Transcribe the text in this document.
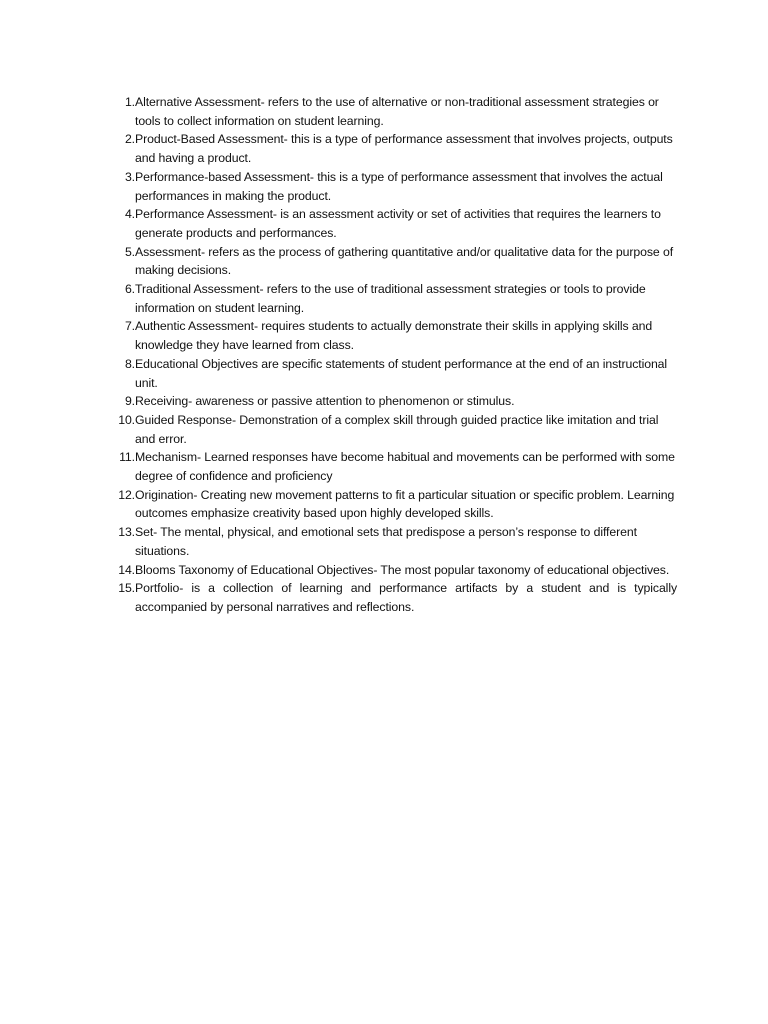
1. Alternative Assessment- refers to the use of alternative or non-traditional assessment strategies or tools to collect information on student learning.
2. Product-Based Assessment- this is a type of performance assessment that involves projects, outputs and having a product.
3. Performance-based Assessment- this is a type of performance assessment that involves the actual performances in making the product.
4. Performance Assessment- is an assessment activity or set of activities that requires the learners to generate products and performances.
5. Assessment- refers as the process of gathering quantitative and/or qualitative data for the purpose of making decisions.
6. Traditional Assessment- refers to the use of traditional assessment strategies or tools to provide information on student learning.
7. Authentic Assessment- requires students to actually demonstrate their skills in applying skills and knowledge they have learned from class.
8. Educational Objectives are specific statements of student performance at the end of an instructional unit.
9. Receiving- awareness or passive attention to phenomenon or stimulus.
10. Guided Response- Demonstration of a complex skill through guided practice like imitation and trial and error.
11. Mechanism- Learned responses have become habitual and movements can be performed with some degree of confidence and proficiency
12. Origination- Creating new movement patterns to fit a particular situation or specific problem. Learning outcomes emphasize creativity based upon highly developed skills.
13. Set- The mental, physical, and emotional sets that predispose a person’s response to different situations.
14. Blooms Taxonomy of Educational Objectives- The most popular taxonomy of educational objectives.
15. Portfolio- is a collection of learning and performance artifacts by a student and is typically accompanied by personal narratives and reflections.
